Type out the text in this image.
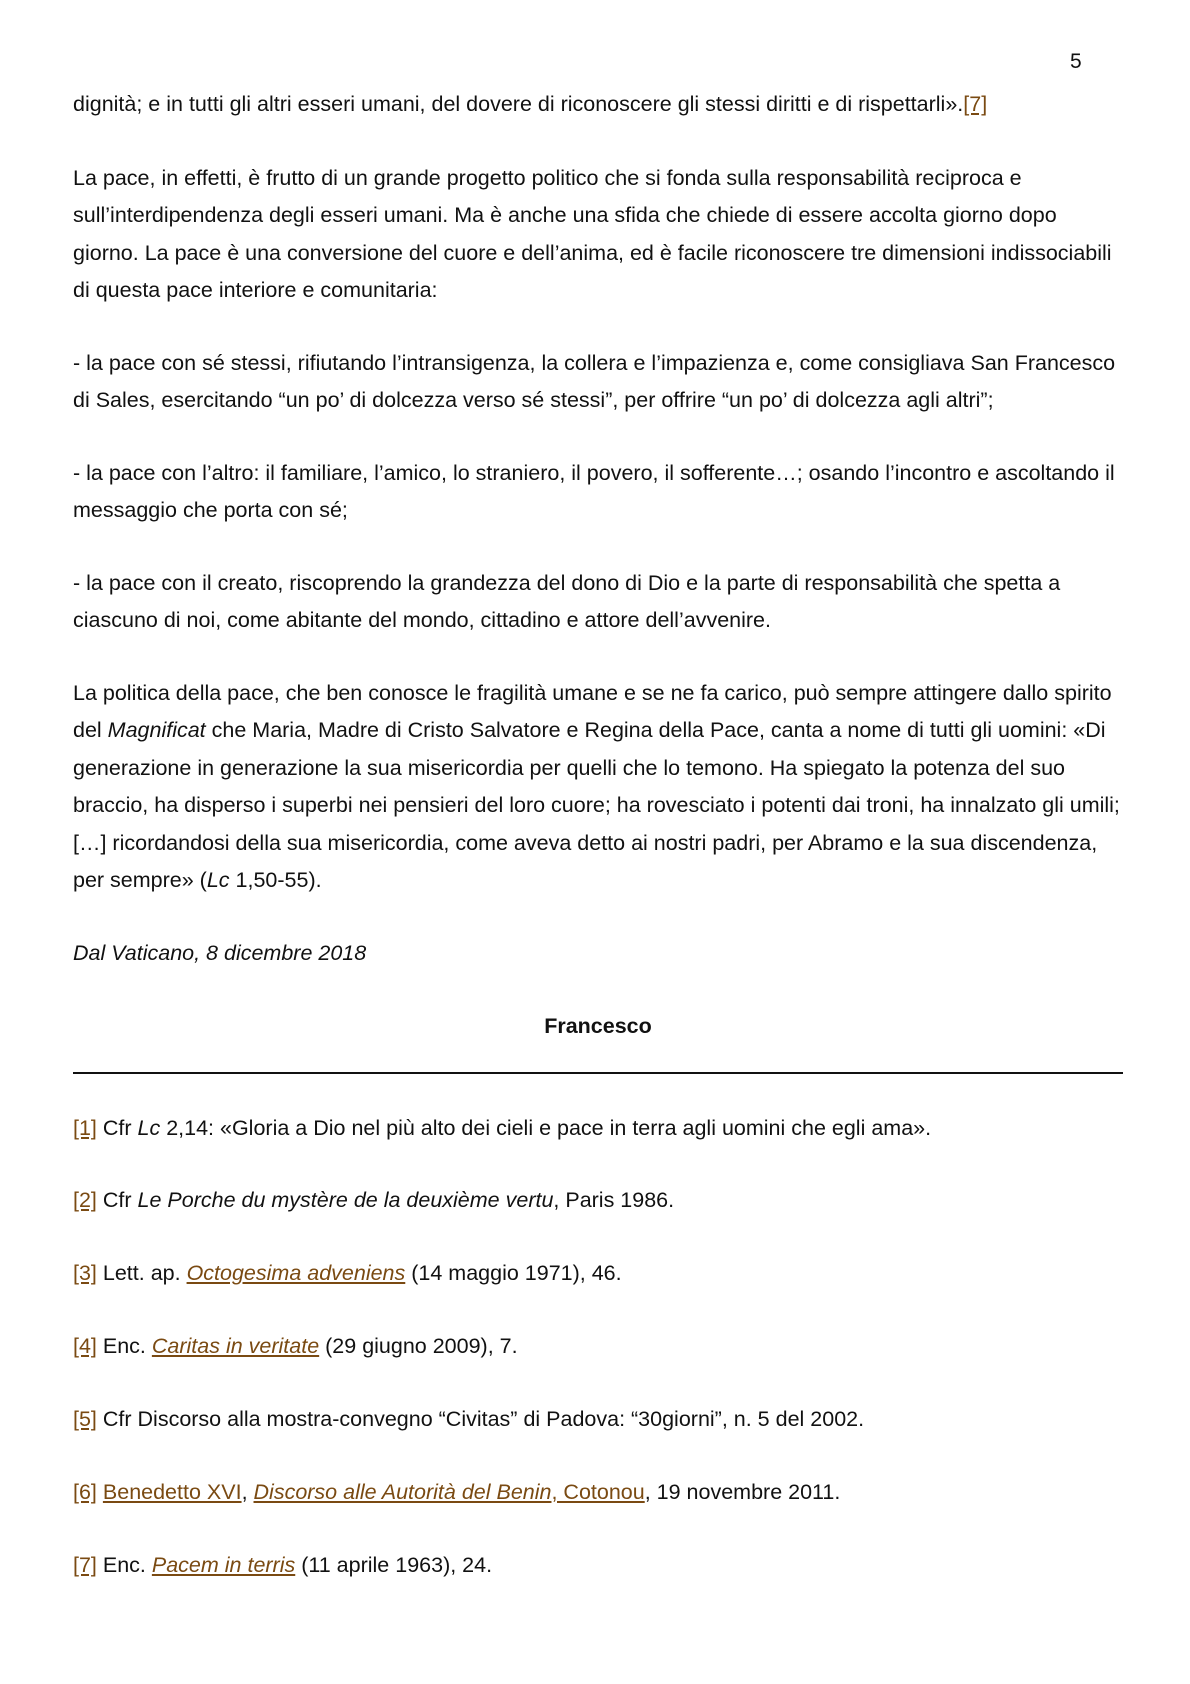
5

dignità; e in tutti gli altri esseri umani, del dovere di riconoscere gli stessi diritti e di rispettarli».[7]

La pace, in effetti, è frutto di un grande progetto politico che si fonda sulla responsabilità reciproca e sull’interdipendenza degli esseri umani. Ma è anche una sfida che chiede di essere accolta giorno dopo giorno. La pace è una conversione del cuore e dell’anima, ed è facile riconoscere tre dimensioni indissociabili di questa pace interiore e comunitaria:

- la pace con sé stessi, rifiutando l’intransigenza, la collera e l’impazienza e, come consigliava San Francesco di Sales, esercitando “un po’ di dolcezza verso sé stessi”, per offrire “un po’ di dolcezza agli altri”;

- la pace con l’altro: il familiare, l’amico, lo straniero, il povero, il sofferente…; osando l’incontro e ascoltando il messaggio che porta con sé;

- la pace con il creato, riscoprendo la grandezza del dono di Dio e la parte di responsabilità che spetta a ciascuno di noi, come abitante del mondo, cittadino e attore dell’avvenire.

La politica della pace, che ben conosce le fragilità umane e se ne fa carico, può sempre attingere dallo spirito del Magnificat che Maria, Madre di Cristo Salvatore e Regina della Pace, canta a nome di tutti gli uomini: «Di generazione in generazione la sua misericordia per quelli che lo temono. Ha spiegato la potenza del suo braccio, ha disperso i superbi nei pensieri del loro cuore; ha rovesciato i potenti dai troni, ha innalzato gli umili; […] ricordandosi della sua misericordia, come aveva detto ai nostri padri, per Abramo e la sua discendenza, per sempre» (Lc 1,50-55).

Dal Vaticano, 8 dicembre 2018

Francesco

[1] Cfr Lc 2,14: «Gloria a Dio nel più alto dei cieli e pace in terra agli uomini che egli ama».

[2] Cfr Le Porche du mystère de la deuxième vertu, Paris 1986.

[3] Lett. ap. Octogesima adveniens (14 maggio 1971), 46.

[4] Enc. Caritas in veritate (29 giugno 2009), 7.

[5] Cfr Discorso alla mostra-convegno “Civitas” di Padova: “30giorni”, n. 5 del 2002.

[6] Benedetto XVI, Discorso alle Autorità del Benin, Cotonou, 19 novembre 2011.

[7] Enc. Pacem in terris (11 aprile 1963), 24.
